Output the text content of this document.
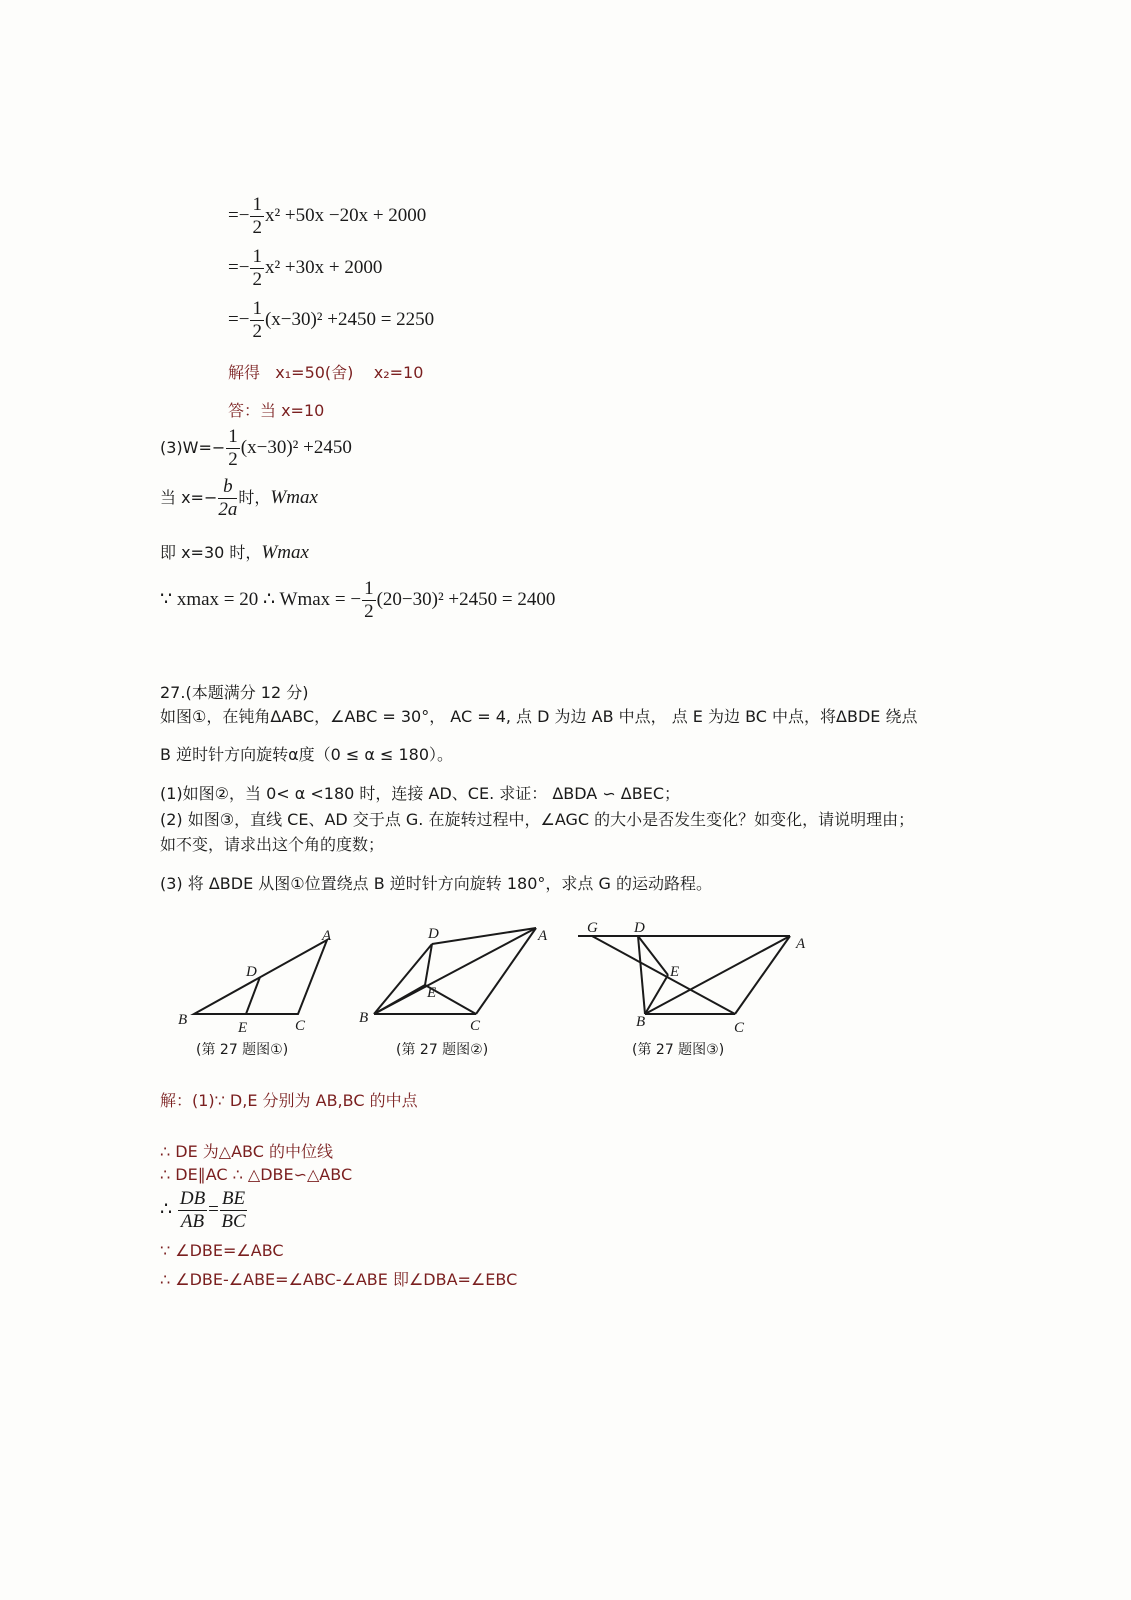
=− $\frac{1}{2} x^2 +50x -20x + 2000$
=− $\frac{1}{2} x^2 +30x + 2000$
=− $\frac{1}{2} (x-30)^2 +2450 = 2250$
解得 x₁=50(舍) x₂=10
答：当 x=10
$(3)W=- \frac{1}{2} (x-30)^2 +2450$
当 $x=- \frac{b}{2a}$ 时，Wmax
即 x=30 时，Wmax
∵ xmax = 20 ∴ Wmax = − $\frac{1}{2} (20-30)^2 +2450 = 2400$
27.(本题满分 12 分)
如图①，在钝角ΔABC，∠ABC = 30°， AC = 4, 点 D 为边 AB 中点， 点 E 为边 BC 中点，将ΔBDE 绕点
B 逆时针方向旋转α度（0 ≤ α ≤ 180）。
(1)如图②，当 0< α <180 时，连接 AD、CE. 求证： ΔBDA ∽ ΔBEC；
(2) 如图③，直线 CE、AD 交于点 G. 在旋转过程中，∠AGC 的大小是否发生变化？如变化，请说明理由；
如不变，请求出这个角的度数；
(3) 将 ΔBDE 从图①位置绕点 B 逆时针方向旋转 180°，求点 G 的运动路程。
A
B	C
D
E
(第 27 题图①)
A
B	C
D
E
(第 27 题图②)
A
B	C
D
E
G
(第 27 题图③)
解：(1)∵ D,E 分别为 AB,BC 的中点
∴ DE 为△ABC 的中位线
∴ DE∥AC ∴ △DBE∽△ABC
∴ $\frac{DB}{AB} = \frac{BE}{BC}$
∵ ∠DBE=∠ABC
∴ ∠DBE-∠ABE=∠ABC-∠ABE 即∠DBA=∠EBC
